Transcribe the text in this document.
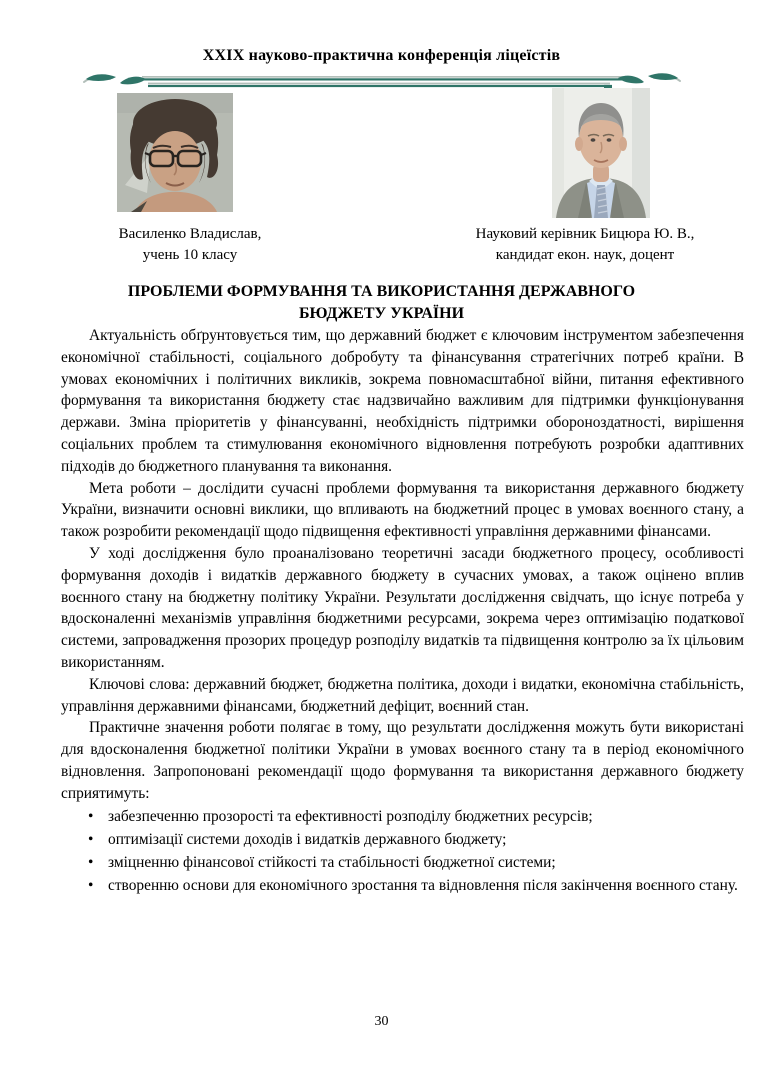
XXIX науково-практична конференція ліцеїстів
Василенко Владислав,
учень 10 класу
Науковий керівник Бицюра Ю. В.,
кандидат екон. наук, доцент
ПРОБЛЕМИ ФОРМУВАННЯ ТА ВИКОРИСТАННЯ ДЕРЖАВНОГО
БЮДЖЕТУ УКРАЇНИ

Актуальність обґрунтовується тим, що державний бюджет є ключовим інструментом забезпечення економічної стабільності, соціального добробуту та фінансування стратегічних потреб країни. В умовах економічних і політичних викликів, зокрема повномасштабної війни, питання ефективного формування та використання бюджету стає надзвичайно важливим для підтримки функціонування держави. Зміна пріоритетів у фінансуванні, необхідність підтримки обороноздатності, вирішення соціальних проблем та стимулювання економічного відновлення потребують розробки адаптивних підходів до бюджетного планування та виконання.

Мета роботи – дослідити сучасні проблеми формування та використання державного бюджету України, визначити основні виклики, що впливають на бюджетний процес в умовах воєнного стану, а також розробити рекомендації щодо підвищення ефективності управління державними фінансами.

У ході дослідження було проаналізовано теоретичні засади бюджетного процесу, особливості формування доходів і видатків державного бюджету в сучасних умовах, а також оцінено вплив воєнного стану на бюджетну політику України. Результати дослідження свідчать, що існує потреба у вдосконаленні механізмів управління бюджетними ресурсами, зокрема через оптимізацію податкової системи, запровадження прозорих процедур розподілу видатків та підвищення контролю за їх цільовим використанням.

Ключові слова: державний бюджет, бюджетна політика, доходи і видатки, економічна стабільність, управління державними фінансами, бюджетний дефіцит, воєнний стан.

Практичне значення роботи полягає в тому, що результати дослідження можуть бути використані для вдосконалення бюджетної політики України в умовах воєнного стану та в період економічного відновлення. Запропоновані рекомендації щодо формування та використання державного бюджету сприятимуть:

• забезпеченню прозорості та ефективності розподілу бюджетних ресурсів;
• оптимізації системи доходів і видатків державного бюджету;
• зміцненню фінансової стійкості та стабільності бюджетної системи;
• створенню основи для економічного зростання та відновлення після закінчення воєнного стану.
30
